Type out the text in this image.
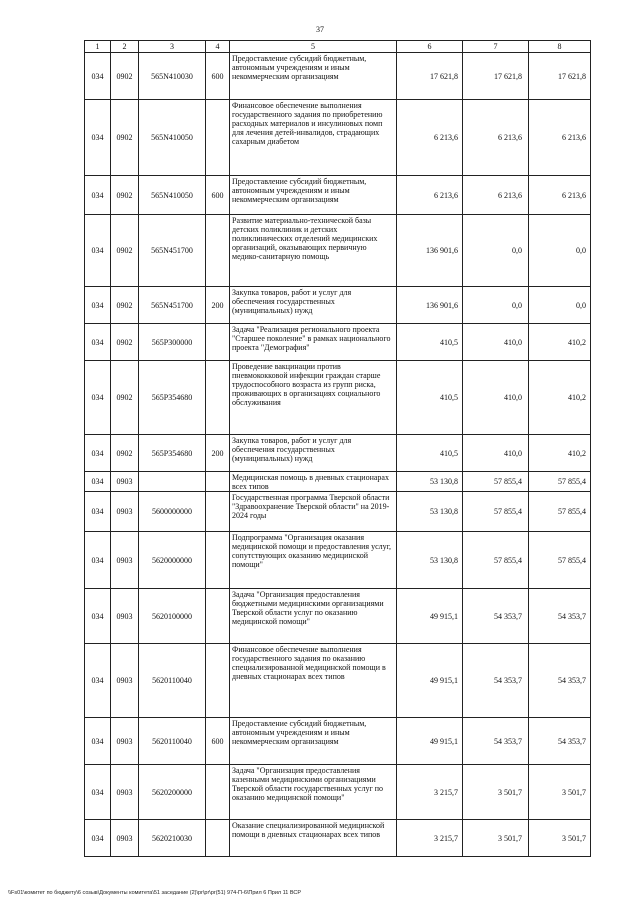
37
1	2	3	4	5	6	7	8
034	0902	565N410030	600	Предоставление субсидий бюджетным, автономным учреждениям и иным некоммерческим организациям	17 621,8	17 621,8	17 621,8
034	0902	565N410050		Финансовое обеспечение выполнения государственного задания по приобретению расходных материалов и инсулиновых помп для лечения детей-инвалидов, страдающих сахарным диабетом	6 213,6	6 213,6	6 213,6
034	0902	565N410050	600	Предоставление субсидий бюджетным, автономным учреждениям и иным некоммерческим организациям	6 213,6	6 213,6	6 213,6
034	0902	565N451700		Развитие материально-технической базы детских поликлиник и детских поликлинических отделений медицинских организаций, оказывающих первичную медико-санитарную помощь	136 901,6	0,0	0,0
034	0902	565N451700	200	Закупка товаров, работ и услуг для обеспечения государственных (муниципальных) нужд	136 901,6	0,0	0,0
034	0902	565P300000		Задача "Реализация регионального проекта "Старшее поколение" в рамках национального проекта "Демография"	410,5	410,0	410,2
034	0902	565P354680		Проведение вакцинации против пневмококковой инфекции граждан старше трудоспособного возраста из групп риска, проживающих в организациях социального обслуживания	410,5	410,0	410,2
034	0902	565P354680	200	Закупка товаров, работ и услуг для обеспечения государственных (муниципальных) нужд	410,5	410,0	410,2
034	0903			Медицинская помощь в дневных стационарах всех типов	53 130,8	57 855,4	57 855,4
034	0903	5600000000		Государственная программа Тверской области "Здравоохранение Тверской области" на 2019-2024 годы	53 130,8	57 855,4	57 855,4
034	0903	5620000000		Подпрограмма "Организация оказания медицинской помощи и предоставления услуг, сопутствующих оказанию медицинской помощи"	53 130,8	57 855,4	57 855,4
034	0903	5620100000		Задача "Организация предоставления бюджетными медицинскими организациями Тверской области услуг по оказанию медицинской помощи"	49 915,1	54 353,7	54 353,7
034	0903	5620110040		Финансовое обеспечение выполнения государственного задания по оказанию специализированной медицинской помощи в дневных стационарах всех типов	49 915,1	54 353,7	54 353,7
034	0903	5620110040	600	Предоставление субсидий бюджетным, автономным учреждениям и иным некоммерческим организациям	49 915,1	54 353,7	54 353,7
034	0903	5620200000		Задача "Организация предоставления казенными медицинскими организациями Тверской области государственных услуг по оказанию медицинской помощи"	3 215,7	3 501,7	3 501,7
034	0903	5620210030		Оказание специализированной медицинской помощи в дневных стационарах всех типов	3 215,7	3 501,7	3 501,7
\\Fs01\комитет по бюджету\6 созыв\Документы комитета\51 заседание (2)\pr\pr\pr(51) 974-П-6\Прил 6 Прил 11 ВСР
